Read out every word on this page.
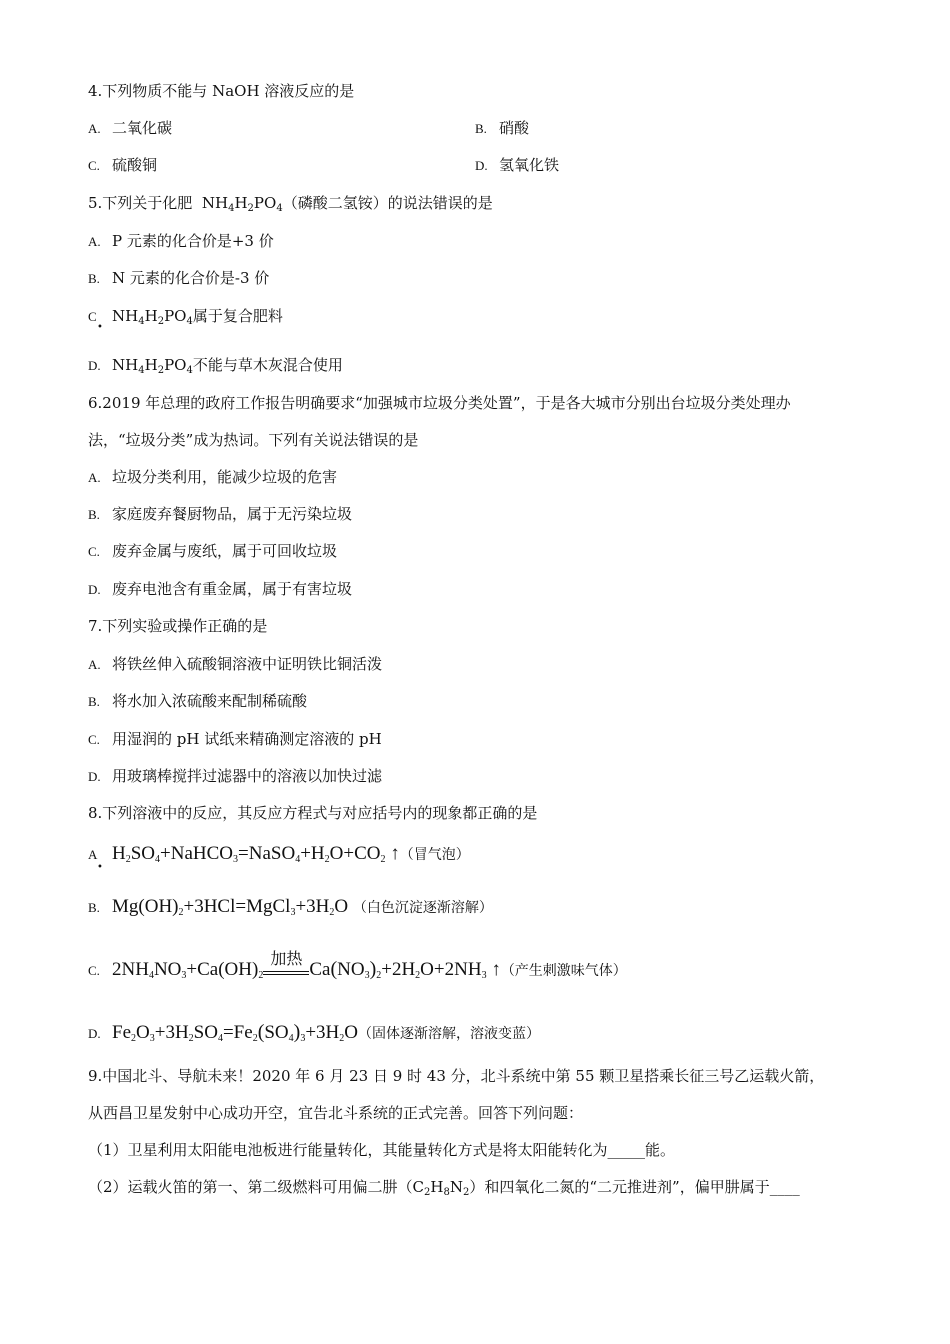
4.下列物质不能与 NaOH 溶液反应的是
A. 二氧化碳	B. 硝酸
C. 硫酸铜	D. 氢氧化铁
5.下列关于化肥 $NH_4H_2PO_4$（磷酸二氢铵）的说法错误的是
A. P 元素的化合价是+3 价
B. N 元素的化合价是-3 价
C $NH_4H_2PO_4$属于复合肥料
•
D. $NH_4H_2PO_4$不能与草木灰混合使用
6.2019 年总理的政府工作报告明确要求“加强城市垃圾分类处置”，于是各大城市分别出台垃圾分类处理办
法，“垃圾分类”成为热词。下列有关说法错误的是
A. 垃圾分类利用，能减少垃圾的危害
B. 家庭废弃餐厨物品，属于无污染垃圾
C. 废弃金属与废纸，属于可回收垃圾
D. 废弃电池含有重金属，属于有害垃圾
7.下列实验或操作正确的是
A. 将铁丝伸入硫酸铜溶液中证明铁比铜活泼
B. 将水加入浓硫酸来配制稀硫酸
C. 用湿润的 pH 试纸来精确测定溶液的 pH
D. 用玻璃棒搅拌过滤器中的溶液以加快过滤
8.下列溶液中的反应，其反应方程式与对应括号内的现象都正确的是
A $H_2SO_4+NaHCO_3=NaSO_4+H_2O+CO_2$ ↑（冒气泡）
•
B. $Mg(OH)_2+3HCl=MgCl_3+3H_2O$ （白色沉淀逐渐溶解）
C. $2NH_4NO_3+Ca(OH)_2$
加热
$Ca(NO_3)_2+2H_2O+2NH_3$ ↑（产生刺激味气体）
D. $Fe_2O_3+3H_2SO_4=Fe_2(SO_4)_3+3H_2O$（固体逐渐溶解，溶液变蓝）
9.中国北斗、导航未来！2020 年 6 月 23 日 9 时 43 分，北斗系统中第 55 颗卫星搭乘长征三号乙运载火箭，
从西昌卫星发射中心成功开空，宜告北斗系统的正式完善。回答下列问题：
（1）卫星利用太阳能电池板进行能量转化，其能量转化方式是将太阳能转化为_____能。
（2）运载火笛的第一、第二级燃料可用偏二肼$(C_2H_8N_2)$和四氧化二氮的“二元推进剂”，偏甲肼属于____
